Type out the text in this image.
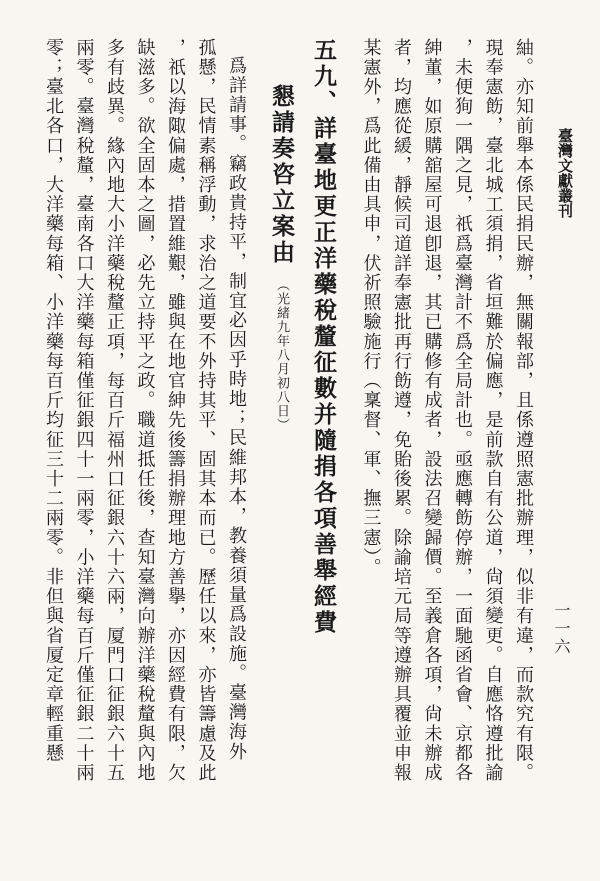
臺灣文獻叢刊
一一六

紬。亦知前舉本係民捐民辦，無關報部，且係遵照憲批辦理，似非有違，而款究有限。

現奉憲飭，臺北城工須捐，省垣難於偏應，是前款自有公道，尙須變更。自應恪遵批諭

，未便狥一隅之見，祇爲臺灣計不爲全局計也。亟應轉飭停辦，一面馳函省會、京都各

紳董，如原購舘屋可退卽退，其已購修有成者，設法召變歸價。至義倉各項，尙未辦成

者，均應從緩，靜候司道詳奉憲批再行飭遵，免貽後累。除諭培元局等遵辦具覆並申報

某憲外，爲此備由具申，伏祈照驗施行（稟督、軍、撫三憲）。

五九、詳臺地更正洋藥稅釐征數并隨捐各項善舉經費
懇請奏咨立案由（光緒九年八月初八日）

爲詳請事。竊政貴持平，制宜必因乎時地；民維邦本，教養須量爲設施。臺灣海外

孤懸，民情素稱浮動，求治之道要不外持其平、固其本而已。歷任以來，亦皆籌慮及此

，祇以海陬偏處，措置維艱，雖與在地官紳先後籌捐辦理地方善擧，亦因經費有限，欠

缺滋多。欲全固本之圖，必先立持平之政。職道抵任後，查知臺灣向辦洋藥稅釐與內地

多有歧異。緣內地大小洋藥稅釐正項，每百斤福州口征銀六十六兩，厦門口征銀六十五

兩零。臺灣稅釐，臺南各口大洋藥每箱僅征銀四十一兩零，小洋藥每百斤僅征銀二十兩

零；臺北各口，大洋藥每箱、小洋藥每百斤均征三十二兩零。非但與省厦定章輕重懸
